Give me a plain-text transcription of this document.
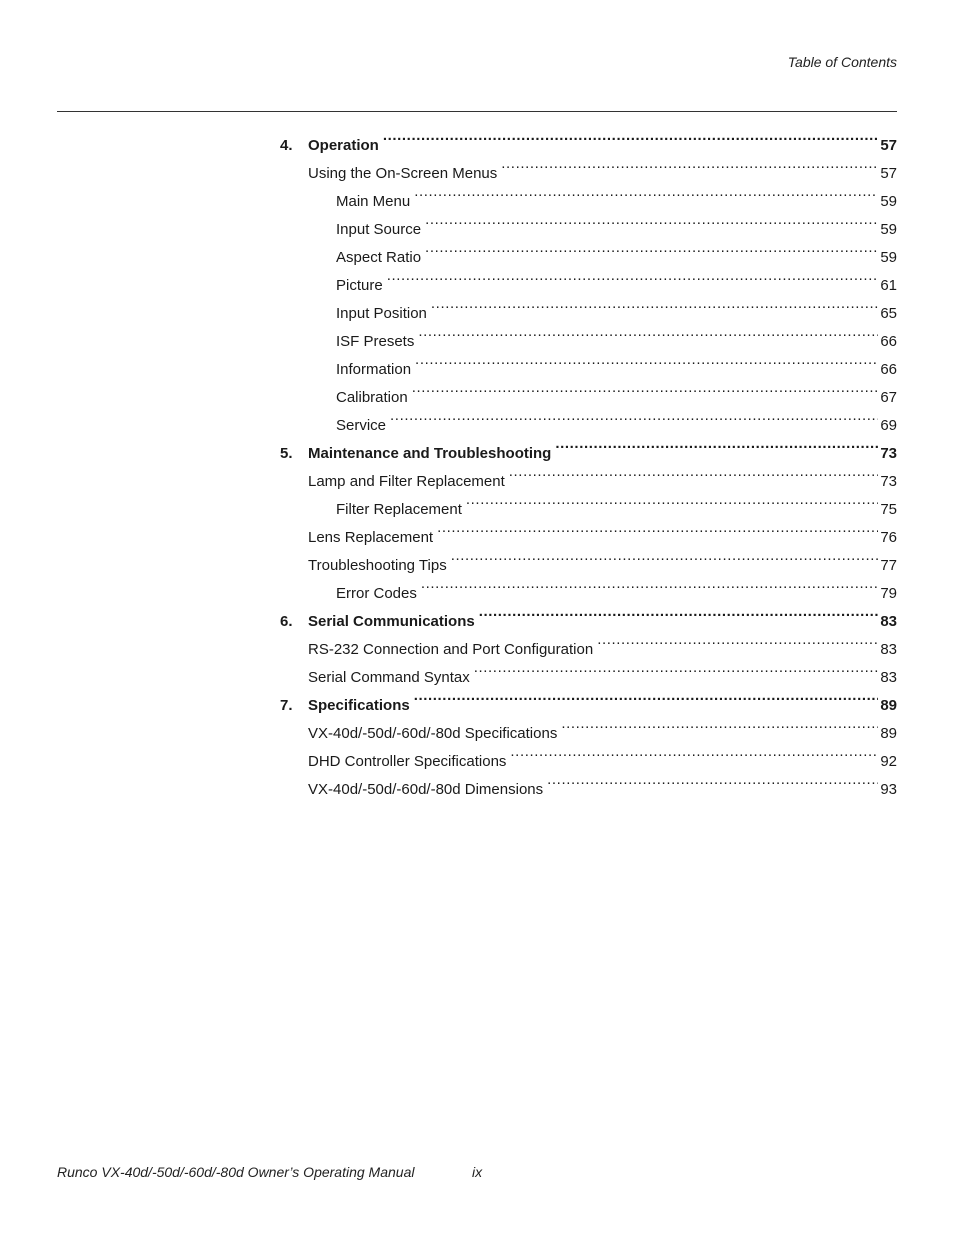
Table of Contents
4.	Operation .....	57
Using the On-Screen Menus .....	57
Main Menu .....	59
Input Source .....	59
Aspect Ratio .....	59
Picture .....	61
Input Position .....	65
ISF Presets .....	66
Information .....	66
Calibration .....	67
Service .....	69
5.	Maintenance and Troubleshooting .....	73
Lamp and Filter Replacement .....	73
Filter Replacement .....	75
Lens Replacement .....	76
Troubleshooting Tips .....	77
Error Codes .....	79
6.	Serial Communications .....	83
RS-232 Connection and Port Configuration .....	83
Serial Command Syntax .....	83
7.	Specifications .....	89
VX-40d/-50d/-60d/-80d Specifications .....	89
DHD Controller Specifications .....	92
VX-40d/-50d/-60d/-80d Dimensions .....	93
Runco VX-40d/-50d/-60d/-80d Owner’s Operating Manual	ix
